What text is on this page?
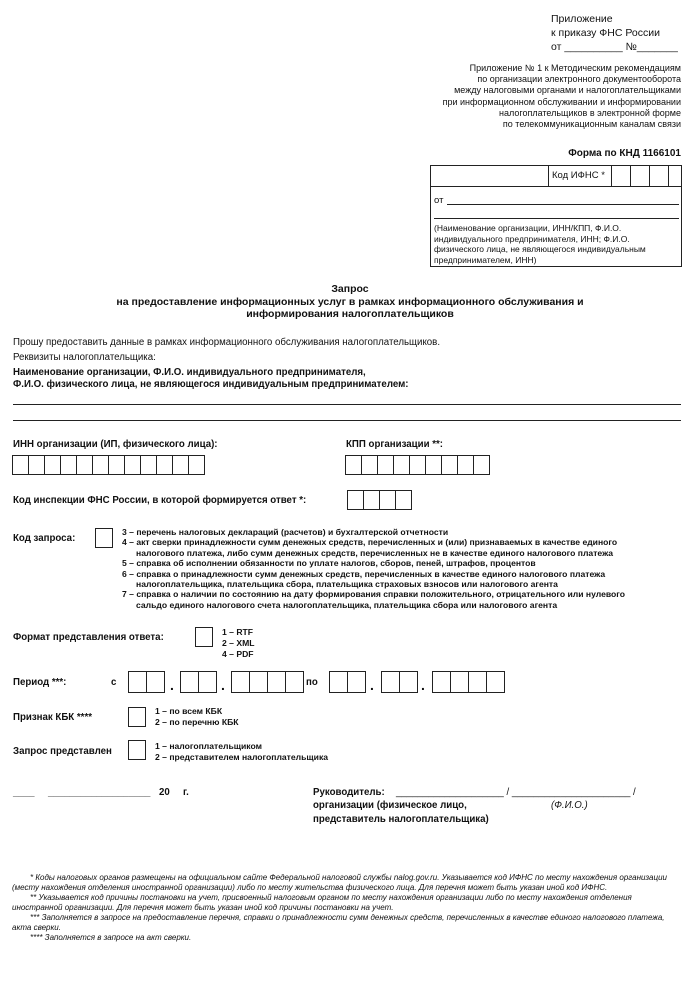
Приложение
к приказу ФНС России
от __________ №_______
Приложение № 1 к Методическим рекомендациям
по организации электронного документооборота
между налоговыми органами и налогоплательщиками
при информационном обслуживании и информировании
налогоплательщиков в электронной форме
по телекоммуникационным каналам связи
Форма по КНД 1166101
Код ИФНС *
от
(Наименование организации, ИНН/КПП, Ф.И.О.
индивидуального предпринимателя, ИНН; Ф.И.О.
физического лица, не являющегося индивидуальным
предпринимателем, ИНН)
Запрос
на предоставление информационных услуг в рамках информационного обслуживания и
информирования налогоплательщиков
Прошу предоставить данные в рамках информационного обслуживания налогоплательщиков.
Реквизиты налогоплательщика:
Наименование организации, Ф.И.О. индивидуального предпринимателя,
Ф.И.О. физического лица, не являющегося индивидуальным предпринимателем:
ИНН организации (ИП, физического лица):	КПП организации **:
Код инспекции ФНС России, в которой формируется ответ *:
Код запроса:
3 – перечень налоговых деклараций (расчетов) и бухгалтерской отчетности
4 – акт сверки принадлежности сумм денежных средств, перечисленных и (или) признаваемых в качестве единого
налогового платежа, либо сумм денежных средств, перечисленных не в качестве единого налогового платежа
5 – справка об исполнении обязанности по уплате налогов, сборов, пеней, штрафов, процентов
6 – справка о принадлежности сумм денежных средств, перечисленных в качестве единого налогового платежа
налогоплательщика, плательщика сбора, плательщика страховых взносов или налогового агента
7 – справка о наличии по состоянию на дату формирования справки положительного, отрицательного или нулевого
сальдо единого налогового счета налогоплательщика, плательщика сбора или налогового агента
Формат представления ответа:	1 – RTF
2 – XML
4 – PDF
Период ***:	с	.	.	по	.	.
Признак КБК ****
1 – по всем КБК
2 – по перечню КБК
Запрос представлен	1 – налогоплательщиком
2 – представителем налогоплательщика
____ ___________________ 20 г.	Руководитель: ____________________ / ______________________ /
организации (физическое лицо,	(Ф.И.О.)
представитель налогоплательщика)
* Коды налоговых органов размещены на официальном сайте Федеральной налоговой службы nalog.gov.ru. Указывается код ИФНС по месту нахождения организации (месту нахождения отделения иностранной организации) либо по месту жительства физического лица. Для перечня может быть указан иной код ИФНС.
** Указывается код причины постановки на учет, присвоенный налоговым органом по месту нахождения организации либо по месту нахождения отделения иностранной организации. Для перечня может быть указан иной код причины постановки на учет.
*** Заполняется в запросе на предоставление перечня, справки о принадлежности сумм денежных средств, перечисленных в качестве единого налогового платежа, акта сверки.
**** Заполняется в запросе на акт сверки.
